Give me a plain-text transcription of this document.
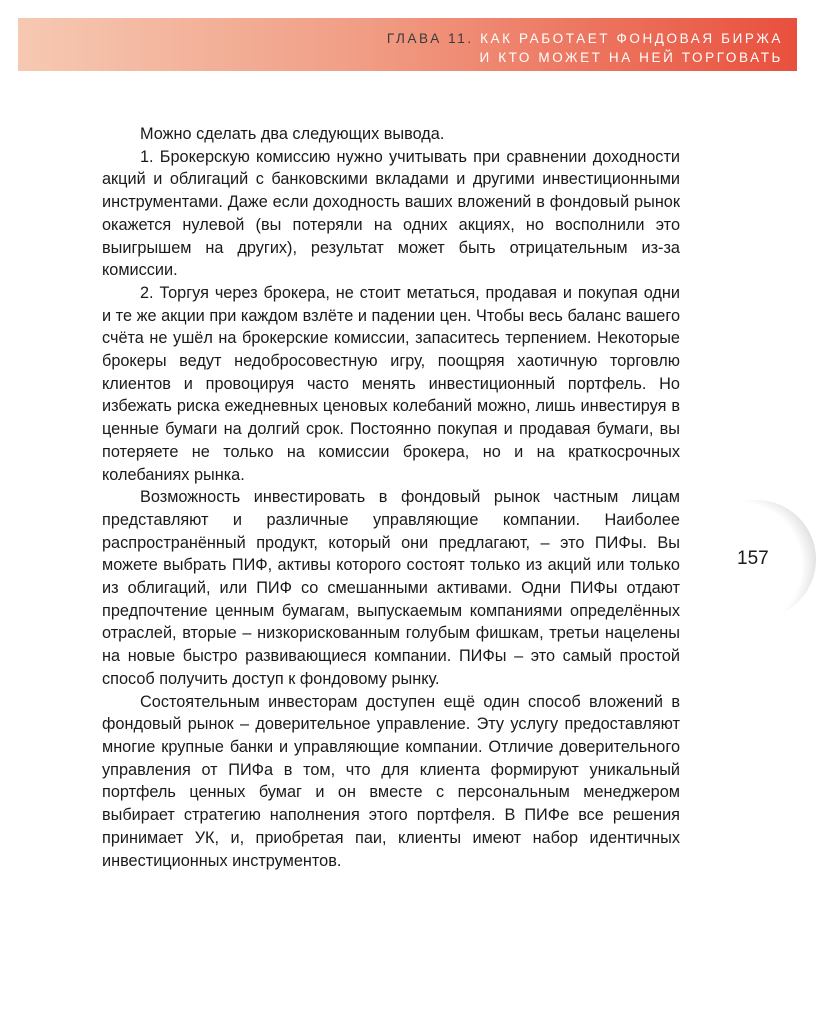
ГЛАВА 11. КАК РАБОТАЕТ ФОНДОВАЯ БИРЖА
И КТО МОЖЕТ НА НЕЙ ТОРГОВАТЬ
157

Можно сделать два следующих вывода.

1. Брокерскую комиссию нужно учитывать при сравнении доходности акций и облигаций с банковскими вкладами и другими инвестиционными инструментами. Даже если доходность ваших вложений в фондовый рынок окажется нулевой (вы потеряли на одних акциях, но восполнили это выигрышем на других), результат может быть отрицательным из-за комиссии.

2. Торгуя через брокера, не стоит метаться, продавая и покупая одни и те же акции при каждом взлёте и падении цен. Чтобы весь баланс вашего счёта не ушёл на брокерские комиссии, запаситесь терпением. Некоторые брокеры ведут недобросовестную игру, поощряя хаотичную торговлю клиентов и провоцируя часто менять инвестиционный портфель. Но избежать риска ежедневных ценовых колебаний можно, лишь инвестируя в ценные бумаги на долгий срок. Постоянно покупая и продавая бумаги, вы потеряете не только на комиссии брокера, но и на краткосрочных колебаниях рынка.

Возможность инвестировать в фондовый рынок частным лицам представляют и различные управляющие компании. Наиболее распространённый продукт, который они предлагают, – это ПИФы. Вы можете выбрать ПИФ, активы которого состоят только из акций или только из облигаций, или ПИФ со смешанными активами. Одни ПИФы отдают предпочтение ценным бумагам, выпускаемым компаниями определённых отраслей, вторые – низкорискованным голубым фишкам, третьи нацелены на новые быстро развивающиеся компании. ПИФы – это самый простой способ получить доступ к фондовому рынку.

Состоятельным инвесторам доступен ещё один способ вложений в фондовый рынок – доверительное управление. Эту услугу предоставляют многие крупные банки и управляющие компании. Отличие доверительного управления от ПИФа в том, что для клиента формируют уникальный портфель ценных бумаг и он вместе с персональным менеджером выбирает стратегию наполнения этого портфеля. В ПИФе все решения принимает УК, и, приобретая паи, клиенты имеют набор идентичных инвестиционных инструментов.
